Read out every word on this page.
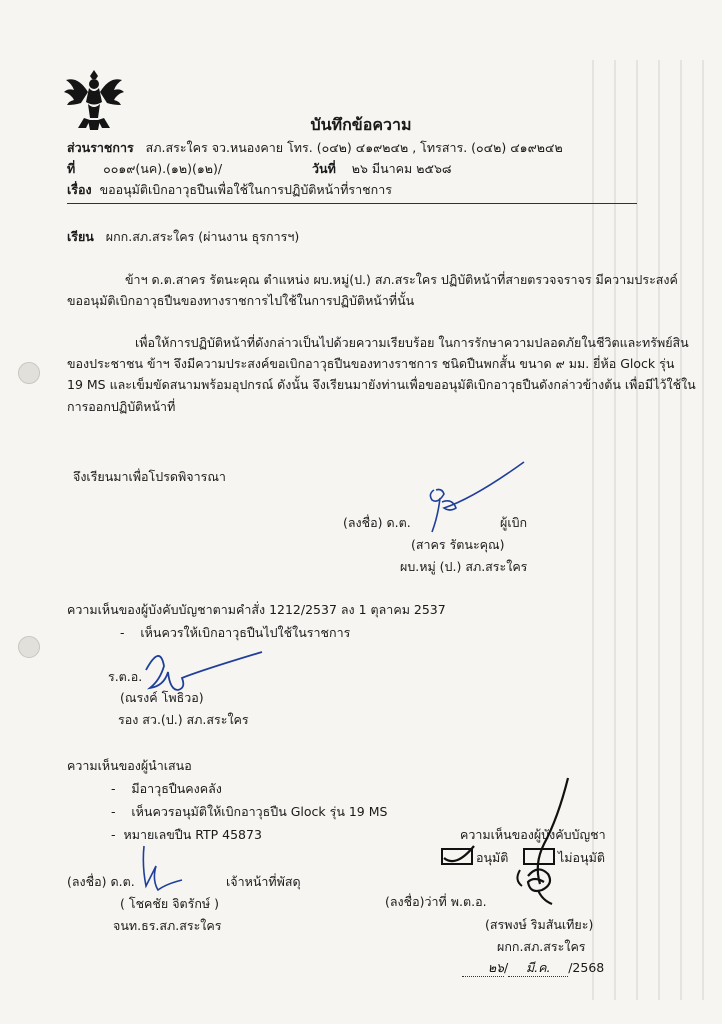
บันทึกข้อความ
ส่วนราชการ สภ.สระใคร จว.หนองคาย โทร. (๐๔๒) ๔๑๙๒๔๒ , โทรสาร. (๐๔๒) ๔๑๙๒๔๒
ที่ ๐๐๑๙(นค).(๑๒)(๑๒)/	วันที่ ๒๖ มีนาคม ๒๕๖๘
เรื่อง ขออนุมัติเบิกอาวุธปืนเพื่อใช้ในการปฏิบัติหน้าที่ราชการ
เรียน ผกก.สภ.สระใคร (ผ่านงาน ธุรการฯ)
ข้าฯ ด.ต.สาคร รัตนะคุณ ตำแหน่ง ผบ.หมู่(ป.) สภ.สระใคร ปฏิบัติหน้าที่สายตรวจจราจร มีความประสงค์
ขออนุมัติเบิกอาวุธปืนของทางราชการไปใช้ในการปฏิบัติหน้าที่นั้น
เพื่อให้การปฏิบัติหน้าที่ดังกล่าวเป็นไปด้วยความเรียบร้อย ในการรักษาความปลอดภัยในชีวิตและทรัพย์สิน
ของประชาชน ข้าฯ จึงมีความประสงค์ขอเบิกอาวุธปืนของทางราชการ ชนิดปืนพกสั้น ขนาด ๙ มม. ยี่ห้อ Glock รุ่น
19 MS และเข็มขัดสนามพร้อมอุปกรณ์ ดังนั้น จึงเรียนมายังท่านเพื่อขออนุมัติเบิกอาวุธปืนดังกล่าวข้างต้น เพื่อมีไว้ใช้ใน
การออกปฏิบัติหน้าที่
จึงเรียนมาเพื่อโปรดพิจารณา
(ลงชื่อ) ด.ต.	ผู้เบิก
(สาคร รัตนะคุณ)
ผบ.หมู่ (ป.) สภ.สระใคร
ความเห็นของผู้บังคับบัญชาตามคำสั่ง 1212/2537 ลง 1 ตุลาคม 2537
-    เห็นควรให้เบิกอาวุธปืนไปใช้ในราชการ
ร.ต.อ.
(ณรงค์ โพธิวอ)
รอง สว.(ป.) สภ.สระใคร
ความเห็นของผู้นำเสนอ
-    มีอาวุธปืนคงคลัง
-    เห็นควรอนุมัติให้เบิกอาวุธปืน Glock รุ่น 19 MS
-  หมายเลขปืน RTP 45873
(ลงชื่อ) ด.ต.	เจ้าหน้าที่พัสดุ
( โชคชัย จิตรักษ์ )
จนท.ธร.สภ.สระใคร
ความเห็นของผู้บังคับบัญชา
อนุมัติ	ไม่อนุมัติ
(ลงชื่อ)ว่าที่ พ.ต.อ.
(สรพงษ์ ริมสันเทียะ)
ผกก.สภ.สระใคร
๒๖/ มี.ค. /2568
